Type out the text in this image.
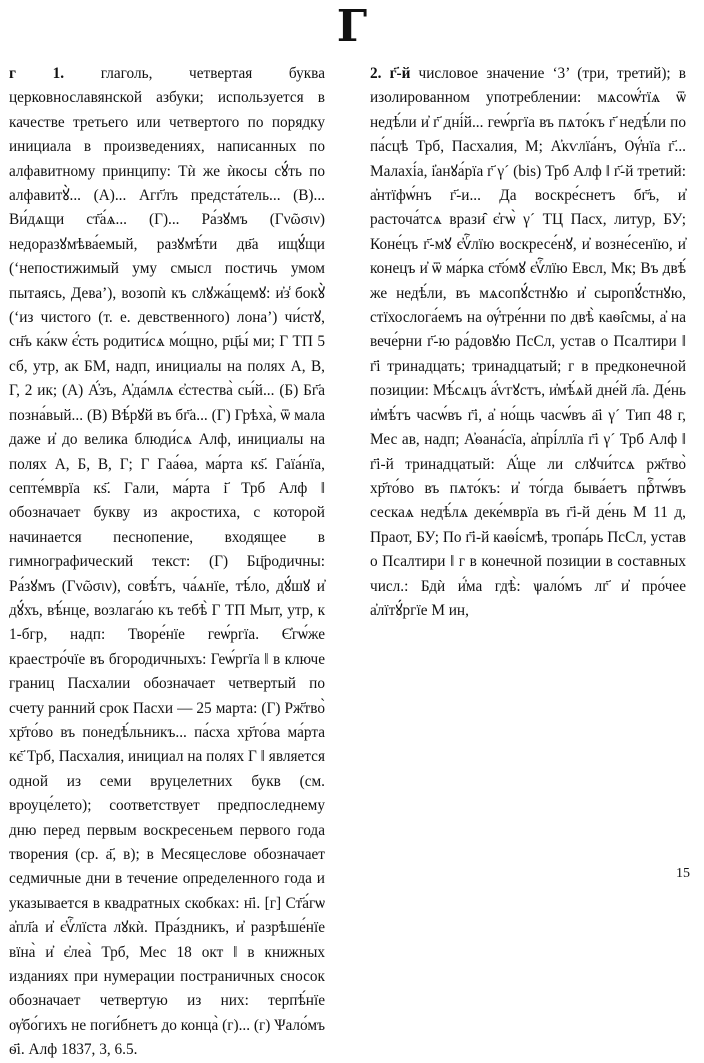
Г

г 1. глаголь, четвертая буква церковнославянской азбуки; используется в качестве третьего или четвертого по порядку инициала в произведениях, написанных по алфавитному принципу: Тѝ же ѝкосы сꙋ́ть по алфавитꙋ̀... (А)... Агг҃лъ предста́тель... (В)... Ви́дѧщи ст҃а́ѧ... (Г)... Ра́зꙋмъ (Γνῶσιν) недоразꙋмѣва́емый, разꙋмѣ́ти дв҃а ищꙋ́щи (‘непостижимый уму смысл постичь умом пытаясь, Дева’), возопѝ къ слꙋжа́щемꙋ: и҆з̾ бокꙋ̀ (‘из чистого (т. е. девственного) лона’) чи́стꙋ, сн҃ъ ка́кѡ є҆́сть родити́сѧ мо́щно, рц҃ы́ ми; Г ТП 5 сб, утр, ак БМ, надп, инициалы на полях А, В, Г, 2 ик; (А) А҆́зъ, А҆да́млѧ є҆стества̀ сы́й... (Б) Бг҃а позна́вый... (В) Вѣ́рꙋй въ бг҃а... (Г) Грѣха̀, ѿ мала даже и҆ до велика блюди́сѧ Алф, инициалы на полях А, Б, В, Г; Г Гаа́ѳа, ма́рта кѕ҃. Гаїа́нїа, септе́мврїа кѕ҃. Гали, ма́рта і҃ Трб Алф ‖ обозначает букву из акростиха, с которой начинается песнопение, входящее в гимнографический текст: (Г) Бц҃родичны: Ра́зꙋмъ (Γνῶσιν), совѣ́тъ, ча́ѧнїе, тѣ́ло, дꙋ́шꙋ и҆ дꙋ́хъ, вѣ́нце, возлага́ю къ тебѣ̀ Г ТП Мыт, утр, к 1-бгр, надп: Творе́нїе геѡ́ргїа. Є҆гѡ́же краестро́чїе въ бгородичныхъ: Геѡ́ргїа ‖ в ключе границ Пасхалии обозначает четвертый по счету ранний срок Пасхи — 25 марта: (Г) Рж҃тво̀ хр҃то́во въ понедѣ́льникъ... па́сха хр҃то́ва ма́рта кє҃ Трб, Пасхалия, инициал на полях Г ‖ является одной из семи вруцелетних букв (см. вроуце́лето); соответствует предпоследнему дню перед первым воскресеньем первого года творения (ср. а҃, в); в Месяцеслове обозначает седмичные дни в течение определенного года и указывается в квадратных скобках: н҃і. [г] Ст҃а́гѡ а҆пл҃а и҆ є҆ѵⷢ҇лїста лꙋкѝ. Пра́здникъ, и҆ разрѣше́нїе вїна̀ и҆ є҆леа̀ Трб, Мес 18 окт ‖ в книжных изданиях при нумерации постраничных сносок обозначает четвертую из них: терпѣ́нїе ѹ҆бо́гихъ не поги́бнетъ до конца̀ (г)... (г) Ѱало́мъ ѳ҃і. Алф 1837, 3, 6.5.

2. г҃-й числовое значение ‘3’ (три, третий); в изолированном употреблении: мѧсоѡ҆́тїѧ ѿ недѣ́ли и҆ г҃ дні́й... геѡ́ргїа въ пѧто́къ г҃ недѣ́ли по па́сцѣ Трб, Пасхалия, М; А҆кѵлїа́нъ, Ѹ҆́нїа г҃... Малахі́а, і҆анꙋа́рїа г҃ γ´ (bis) Трб Алф ‖ г҃-й третий: а҆нтїфѡ́нъ г҃-и... Да воскре́снетъ бг҃ъ, и҆ расточа́тсѧ врази̑ є҆гѡ̀ γ´ ТЦ Пасх, литур, БУ; Коне́цъ г҃-мꙋ є҆ѵⷢ҇лїю воскресе́нꙋ, и҆ возне́сенїю, и҆ конецъ и҆ ѿ ма́рка ст҃о́мꙋ є҆ѵⷢ҇лїю Евсл, Мк; Въ двѣ́ же недѣ́ли, въ мѧсопꙋ́стнꙋю и҆ сыропꙋ́стнꙋю, стїхослога́емъ на ѹ҆́тре́нни по двѣ̀ каѳі̑смы, а҆ на вече́рни г҃-ю ра́довꙋю ПсСл, устав о Псалтири ‖ г҃і тринадцать; тринадцатый; г в предконечной позиции: Мѣ́сѧцъ а҆́ѵгꙋстъ, и҆мѣ́ѧй дне́й л҃а. Де́нь и҆мѣ́тъ часѡ́въ г҃і, а҆ но́щь часѡ́въ а҃і γ´ Тип 48 г, Мес ав, надп; А҆ѳана́сїа, а҆прі́ллїа г҃і γ´ Трб Алф ‖ г҃і-й тринадцатый: А҆́ще ли слꙋчи́тсѧ рж҃тво̀ хр҃то́во въ пѧто́къ: и҆ то́гда быва́етъ прⷭ҇тѡ́въ сескаѧ недѣ́лѧ деке́мврїа въ г҃і-й де́нь М 11 д, Праот, БУ; По г҃і-й каѳі́смѣ, тропа́рь ПсСл, устав о Псалтири ‖ г в конечной позиции в составных числ.: Бдѝ и҆́ма гдѣ̀: ѱало́мъ лг҃ и҆ про́чее а҆лїтꙋ́ргїе М ин,

15
